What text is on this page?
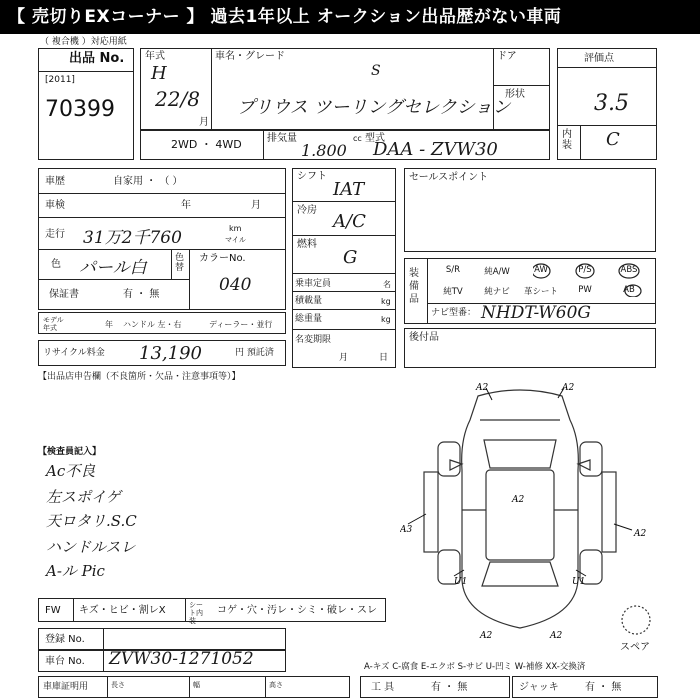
【 売切りEXコーナー 】 過去1年以上 オークション出品歴がない車両
（ 複合機 ）対応用紙
出品 No.
[2011]
70399
年式
H
22/8
月
車名・グレード
S
プリウス ツーリングセレクション
ドア
形状
2WD ・ 4WD	排気量	cc
1.800
型式
DAA - ZVW30
評価点
3.5
内装 C
車歴	自家用 ・ （ ）
車検	年	月
走行 31万2千760	km
マイル
色 パール白	色替
カラーNo.
040
保証書	有 ・ 無
モデル年式	年 ハンドル 左・右	ディーラー・並行
リサイクル料金 13,190	円 預託済
シフト
IAT
冷房
A/C
燃料
G
乗車定員	名
積載量	kg
総重量	kg
名変期限
月	日
セールスポイント
装備品
S/R	純A/W	AW	P/S	ABS
純TV	純ナビ	革シート	PW	AB
ナビ型番： NHDT-W60G
後付品
【出品店申告欄（不良箇所・欠品・注意事項等）】
【検査員記入】
Ac不良
左スポイゲ
天ロタリ.S.C
ハンドルスレ
A-ル Pic
A2	A2
A2
A3	A2
U1	U1
A2	A2
FW キズ・ヒビ・割レX	シート内装
コゲ・穴・汚レ・シミ・破レ・スレ
登録 No.
車台 No. ZVW30-1271052
車庫証明用	長さ	幅	高さ
スペア
A-キズ C-腐食 E-エクボ S-サビ U-凹ミ W-補修 XX-交換済
工 具	有 ・ 無	ジャッキ	有 ・ 無
